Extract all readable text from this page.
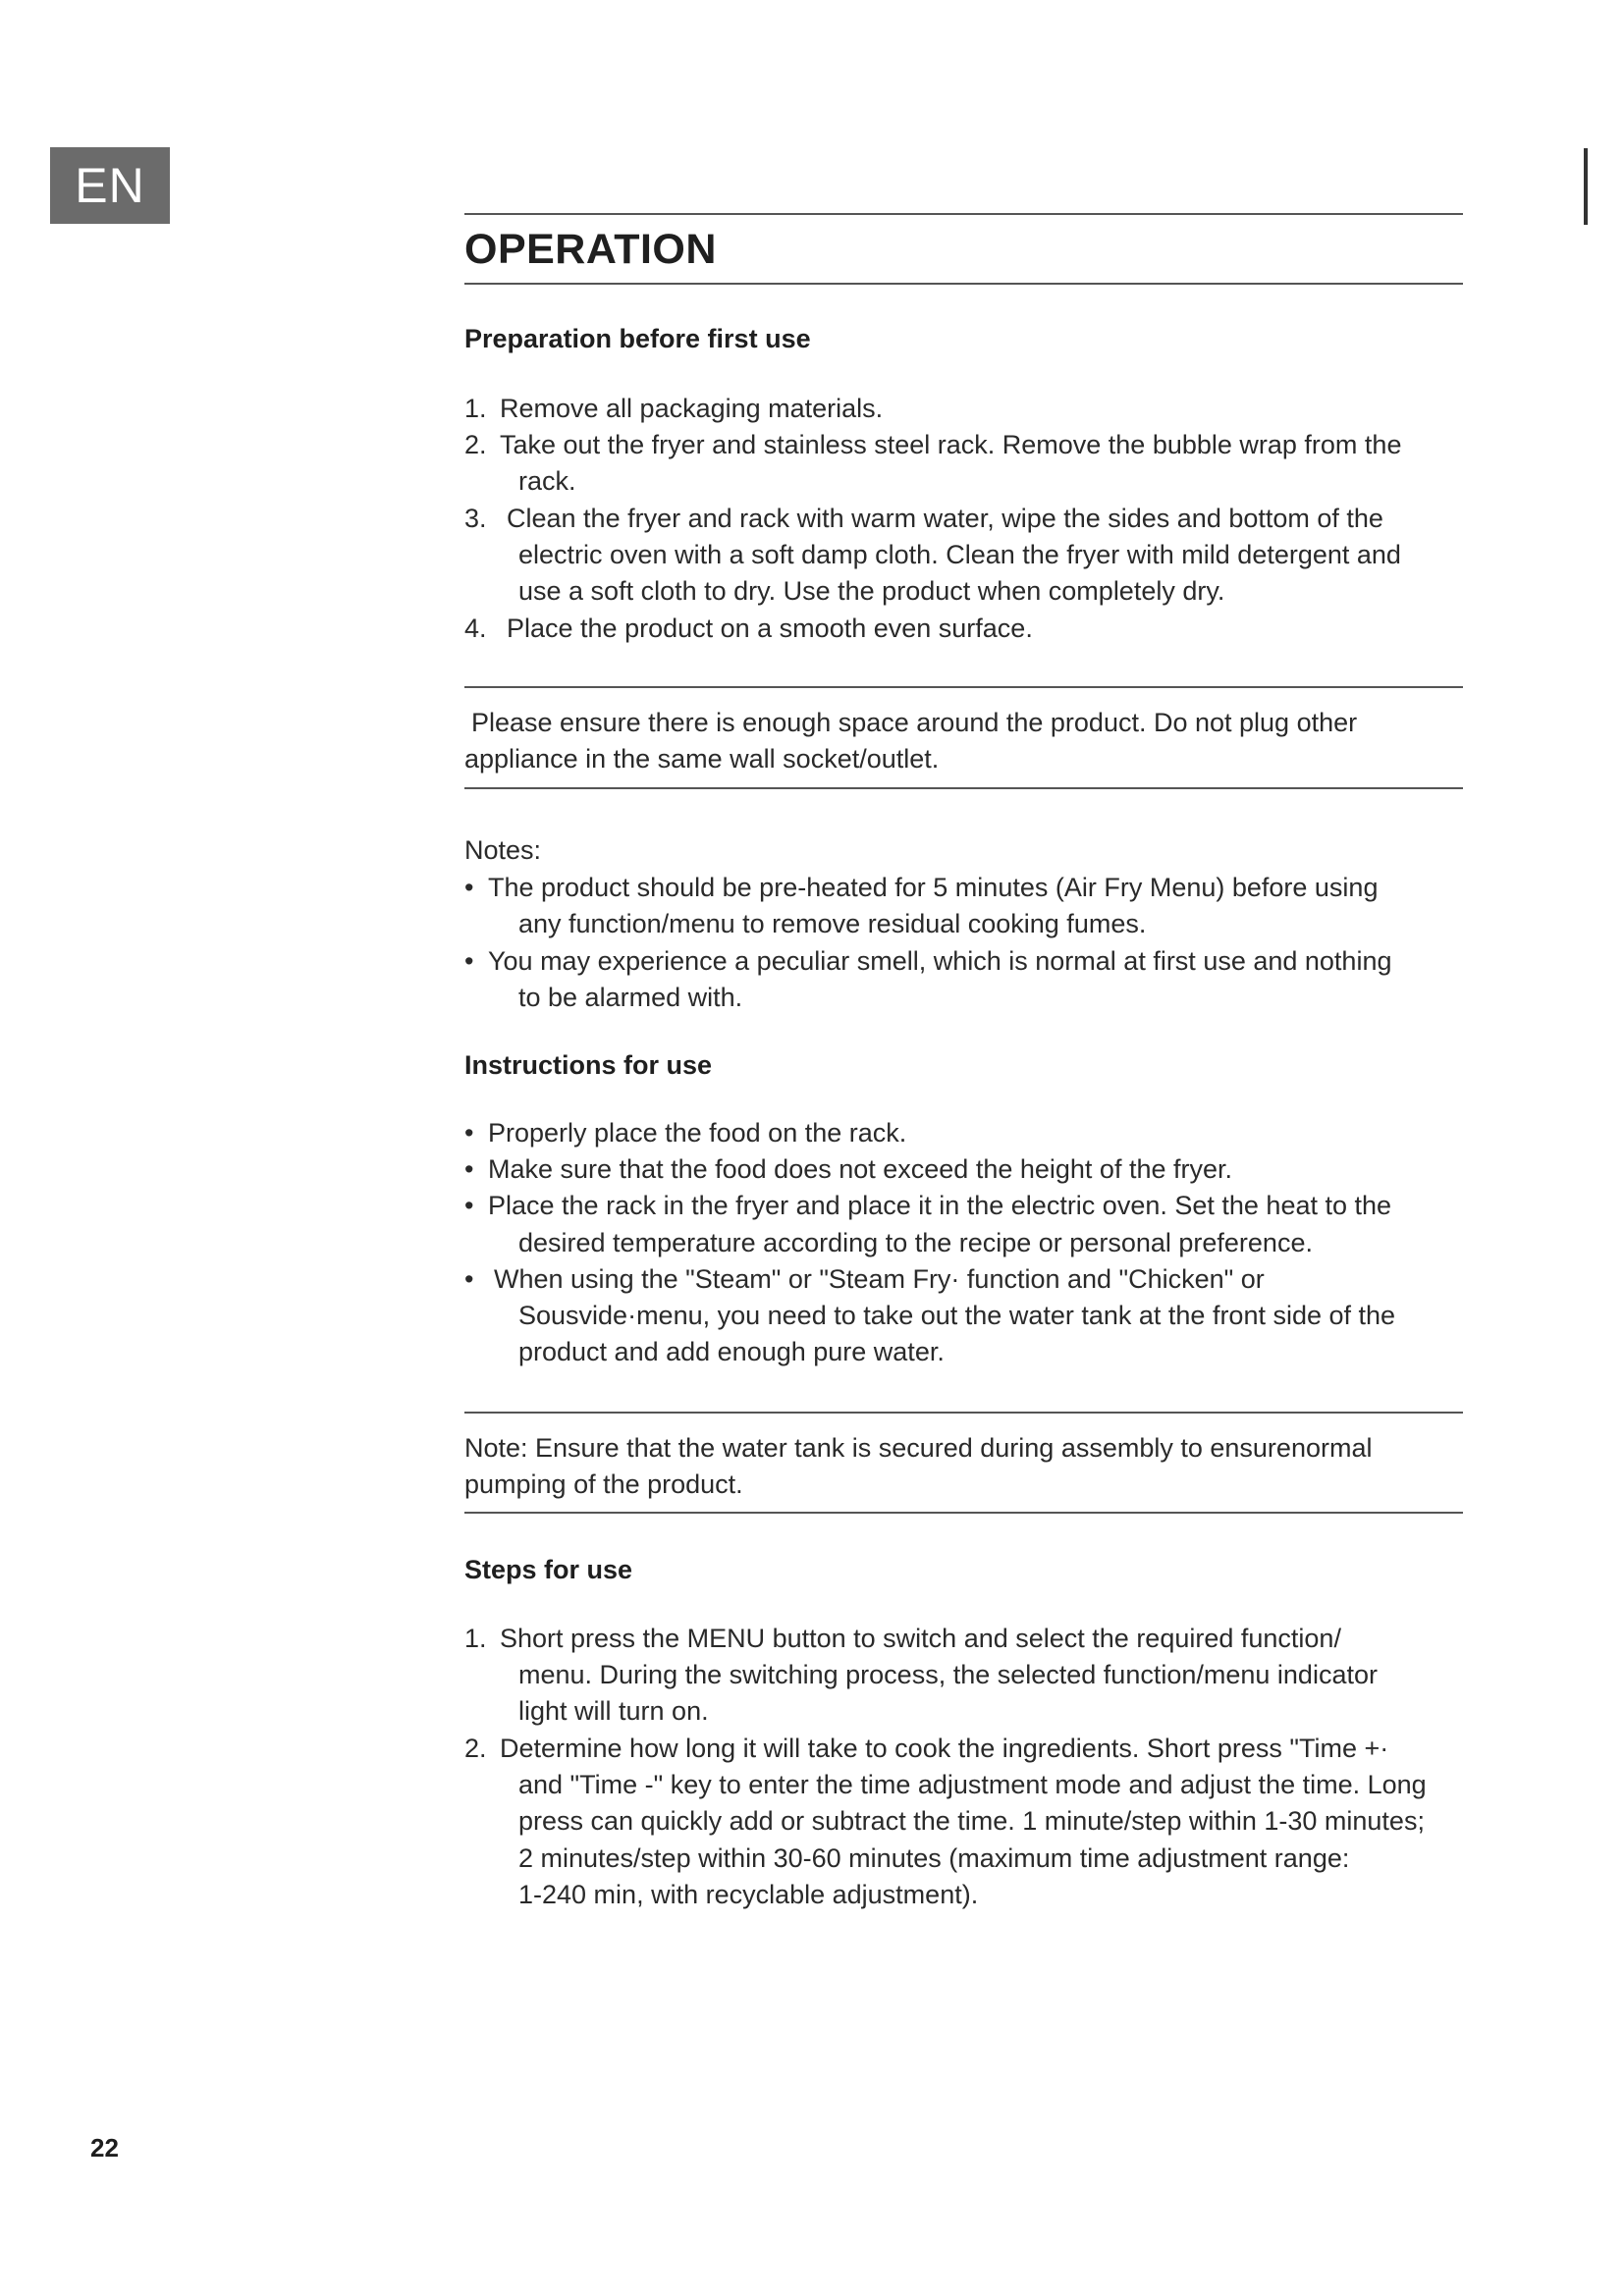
EN
OPERATION
Preparation before first use
1. Remove all packaging materials.
2. Take out the fryer and stainless steel rack. Remove the bubble wrap from the
rack.
3. Clean the fryer and rack with warm water, wipe the sides and bottom of the
electric oven with a soft damp cloth. Clean the fryer with mild detergent and
use a soft cloth to dry. Use the product when completely dry.
4. Place the product on a smooth even surface.
Please ensure there is enough space around the product. Do not plug other
appliance in the same wall socket/outlet.
Notes:
• The product should be pre-heated for 5 minutes (Air Fry Menu) before using
any function/menu to remove residual cooking fumes.
• You may experience a peculiar smell, which is normal at first use and nothing
to be alarmed with.
Instructions for use
• Properly place the food on the rack.
• Make sure that the food does not exceed the height of the fryer.
• Place the rack in the fryer and place it in the electric oven. Set the heat to the
desired temperature according to the recipe or personal preference.
• When using the "Steam" or "Steam Fry· function and "Chicken" or
Sousvide·menu, you need to take out the water tank at the front side of the
product and add enough pure water.
Note: Ensure that the water tank is secured during assembly to ensurenormal
pumping of the product.
Steps for use
1. Short press the MENU button to switch and select the required function/
menu. During the switching process, the selected function/menu indicator
light will turn on.
2. Determine how long it will take to cook the ingredients. Short press "Time +·
and "Time -" key to enter the time adjustment mode and adjust the time. Long
press can quickly add or subtract the time. 1 minute/step within 1-30 minutes;
2 minutes/step within 30-60 minutes (maximum time adjustment range:
1-240 min, with recyclable adjustment).
22
